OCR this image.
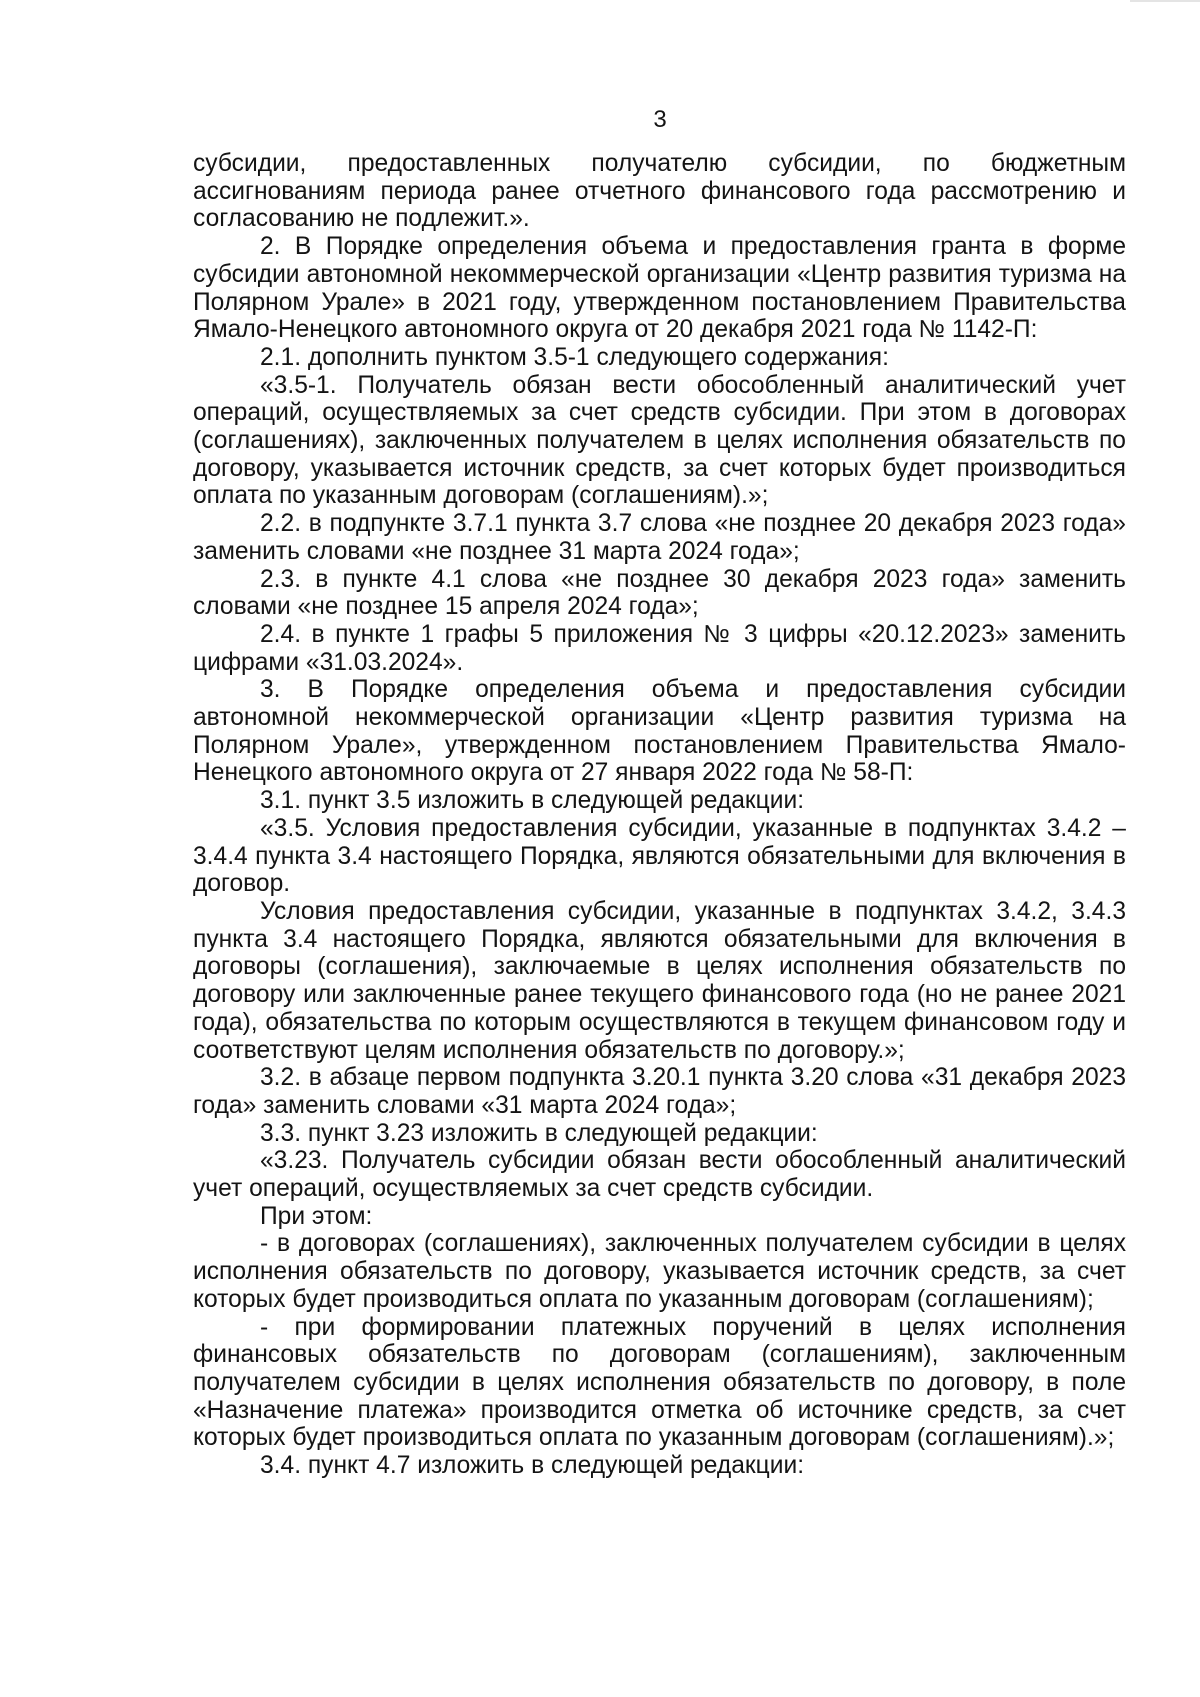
3

субсидии, предоставленных получателю субсидии, по бюджетным ассигнованиям периода ранее отчетного финансового года рассмотрению и согласованию не подлежит.».

2. В Порядке определения объема и предоставления гранта в форме субсидии автономной некоммерческой организации «Центр развития туризма на Полярном Урале» в 2021 году, утвержденном постановлением Правительства Ямало-Ненецкого автономного округа от 20 декабря 2021 года № 1142-П:

2.1. дополнить пунктом 3.5-1 следующего содержания:

«3.5-1. Получатель обязан вести обособленный аналитический учет операций, осуществляемых за счет средств субсидии. При этом в договорах (соглашениях), заключенных получателем в целях исполнения обязательств по договору, указывается источник средств, за счет которых будет производиться оплата по указанным договорам (соглашениям).»;

2.2. в подпункте 3.7.1 пункта 3.7 слова «не позднее 20 декабря 2023 года» заменить словами «не позднее 31 марта 2024 года»;

2.3. в пункте 4.1 слова «не позднее 30 декабря 2023 года» заменить словами «не позднее 15 апреля 2024 года»;

2.4. в пункте 1 графы 5 приложения № 3 цифры «20.12.2023» заменить цифрами «31.03.2024».

3. В Порядке определения объема и предоставления субсидии автономной некоммерческой организации «Центр развития туризма на Полярном Урале», утвержденном постановлением Правительства Ямало-Ненецкого автономного округа от 27 января 2022 года № 58-П:

3.1. пункт 3.5 изложить в следующей редакции:

«3.5. Условия предоставления субсидии, указанные в подпунктах 3.4.2 – 3.4.4 пункта 3.4 настоящего Порядка, являются обязательными для включения в договор.

Условия предоставления субсидии, указанные в подпунктах 3.4.2, 3.4.3 пункта 3.4 настоящего Порядка, являются обязательными для включения в договоры (соглашения), заключаемые в целях исполнения обязательств по договору или заключенные ранее текущего финансового года (но не ранее 2021 года), обязательства по которым осуществляются в текущем финансовом году и соответствуют целям исполнения обязательств по договору.»;

3.2. в абзаце первом подпункта 3.20.1 пункта 3.20 слова «31 декабря 2023 года» заменить словами «31 марта 2024 года»;

3.3. пункт 3.23 изложить в следующей редакции:

«3.23. Получатель субсидии обязан вести обособленный аналитический учет операций, осуществляемых за счет средств субсидии.

При этом:

- в договорах (соглашениях), заключенных получателем субсидии в целях исполнения обязательств по договору, указывается источник средств, за счет которых будет производиться оплата по указанным договорам (соглашениям);

- при формировании платежных поручений в целях исполнения финансовых обязательств по договорам (соглашениям), заключенным получателем субсидии в целях исполнения обязательств по договору, в поле «Назначение платежа» производится отметка об источнике средств, за счет которых будет производиться оплата по указанным договорам (соглашениям).»;

3.4. пункт 4.7 изложить в следующей редакции:
